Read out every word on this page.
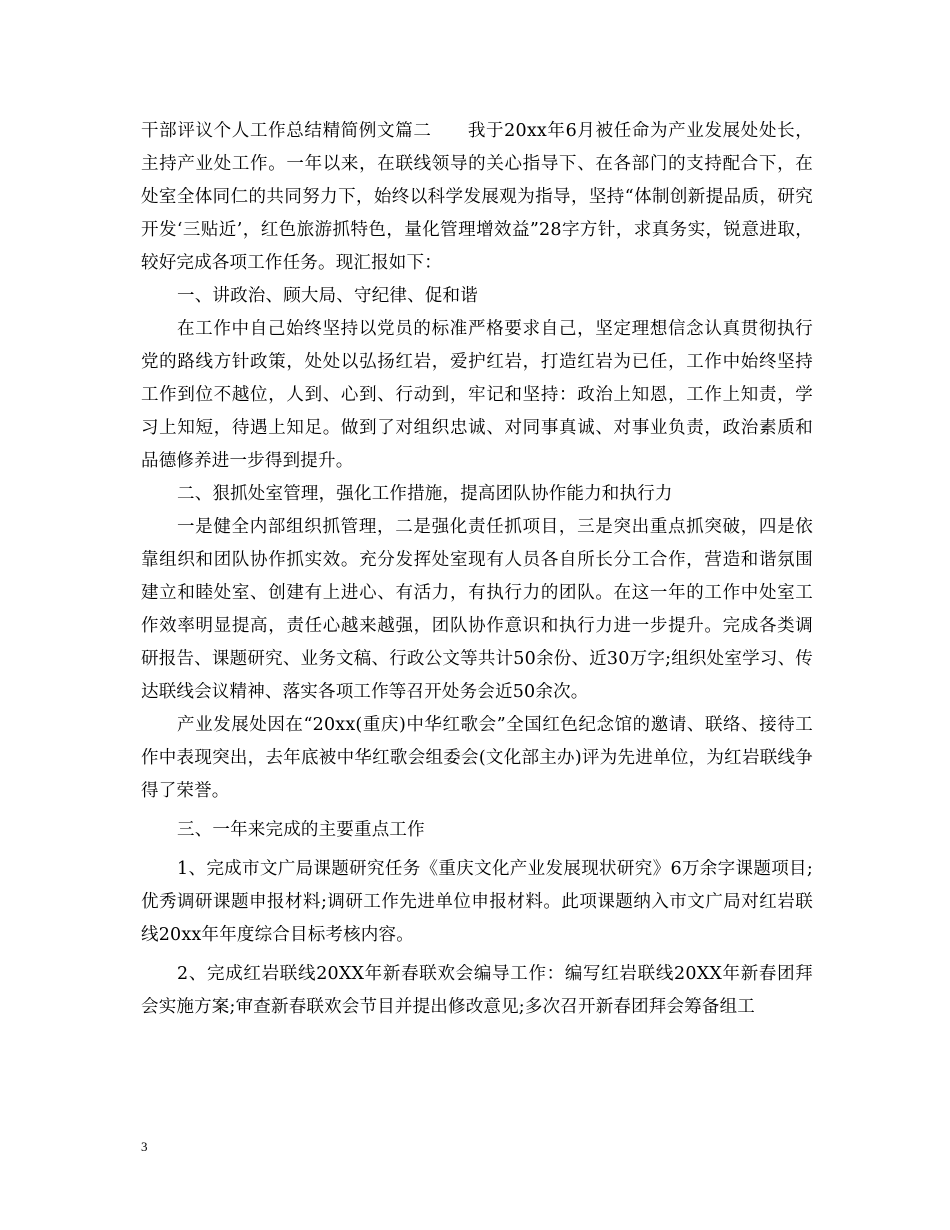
干部评议个人工作总结精简例文篇二　　我于20xx年6月被任命为产业发展处处长，主持产业处工作。一年以来，在联线领导的关心指导下、在各部门的支持配合下，在处室全体同仁的共同努力下，始终以科学发展观为指导，坚持“体制创新提品质，研究开发‘三贴近’，红色旅游抓特色，量化管理增效益”28字方针，求真务实，锐意进取，较好完成各项工作任务。现汇报如下：

一、讲政治、顾大局、守纪律、促和谐

在工作中自己始终坚持以党员的标准严格要求自己，坚定理想信念认真贯彻执行党的路线方针政策，处处以弘扬红岩，爱护红岩，打造红岩为已任，工作中始终坚持工作到位不越位，人到、心到、行动到，牢记和坚持：政治上知恩，工作上知责，学习上知短，待遇上知足。做到了对组织忠诚、对同事真诚、对事业负责，政治素质和品德修养进一步得到提升。

二、狠抓处室管理，强化工作措施，提高团队协作能力和执行力

一是健全内部组织抓管理，二是强化责任抓项目，三是突出重点抓突破，四是依靠组织和团队协作抓实效。充分发挥处室现有人员各自所长分工合作，营造和谐氛围建立和睦处室、创建有上进心、有活力，有执行力的团队。在这一年的工作中处室工作效率明显提高，责任心越来越强，团队协作意识和执行力进一步提升。完成各类调研报告、课题研究、业务文稿、行政公文等共计50余份、近30万字;组织处室学习、传达联线会议精神、落实各项工作等召开处务会近50余次。

产业发展处因在“20xx(重庆)中华红歌会”全国红色纪念馆的邀请、联络、接待工作中表现突出，去年底被中华红歌会组委会(文化部主办)评为先进单位，为红岩联线争得了荣誉。

三、一年来完成的主要重点工作

1、完成市文广局课题研究任务《重庆文化产业发展现状研究》6万余字课题项目;优秀调研课题申报材料;调研工作先进单位申报材料。此项课题纳入市文广局对红岩联线20xx年年度综合目标考核内容。

2、完成红岩联线20XX年新春联欢会编导工作：编写红岩联线20XX年新春团拜会实施方案;审查新春联欢会节目并提出修改意见;多次召开新春团拜会筹备组工

3
